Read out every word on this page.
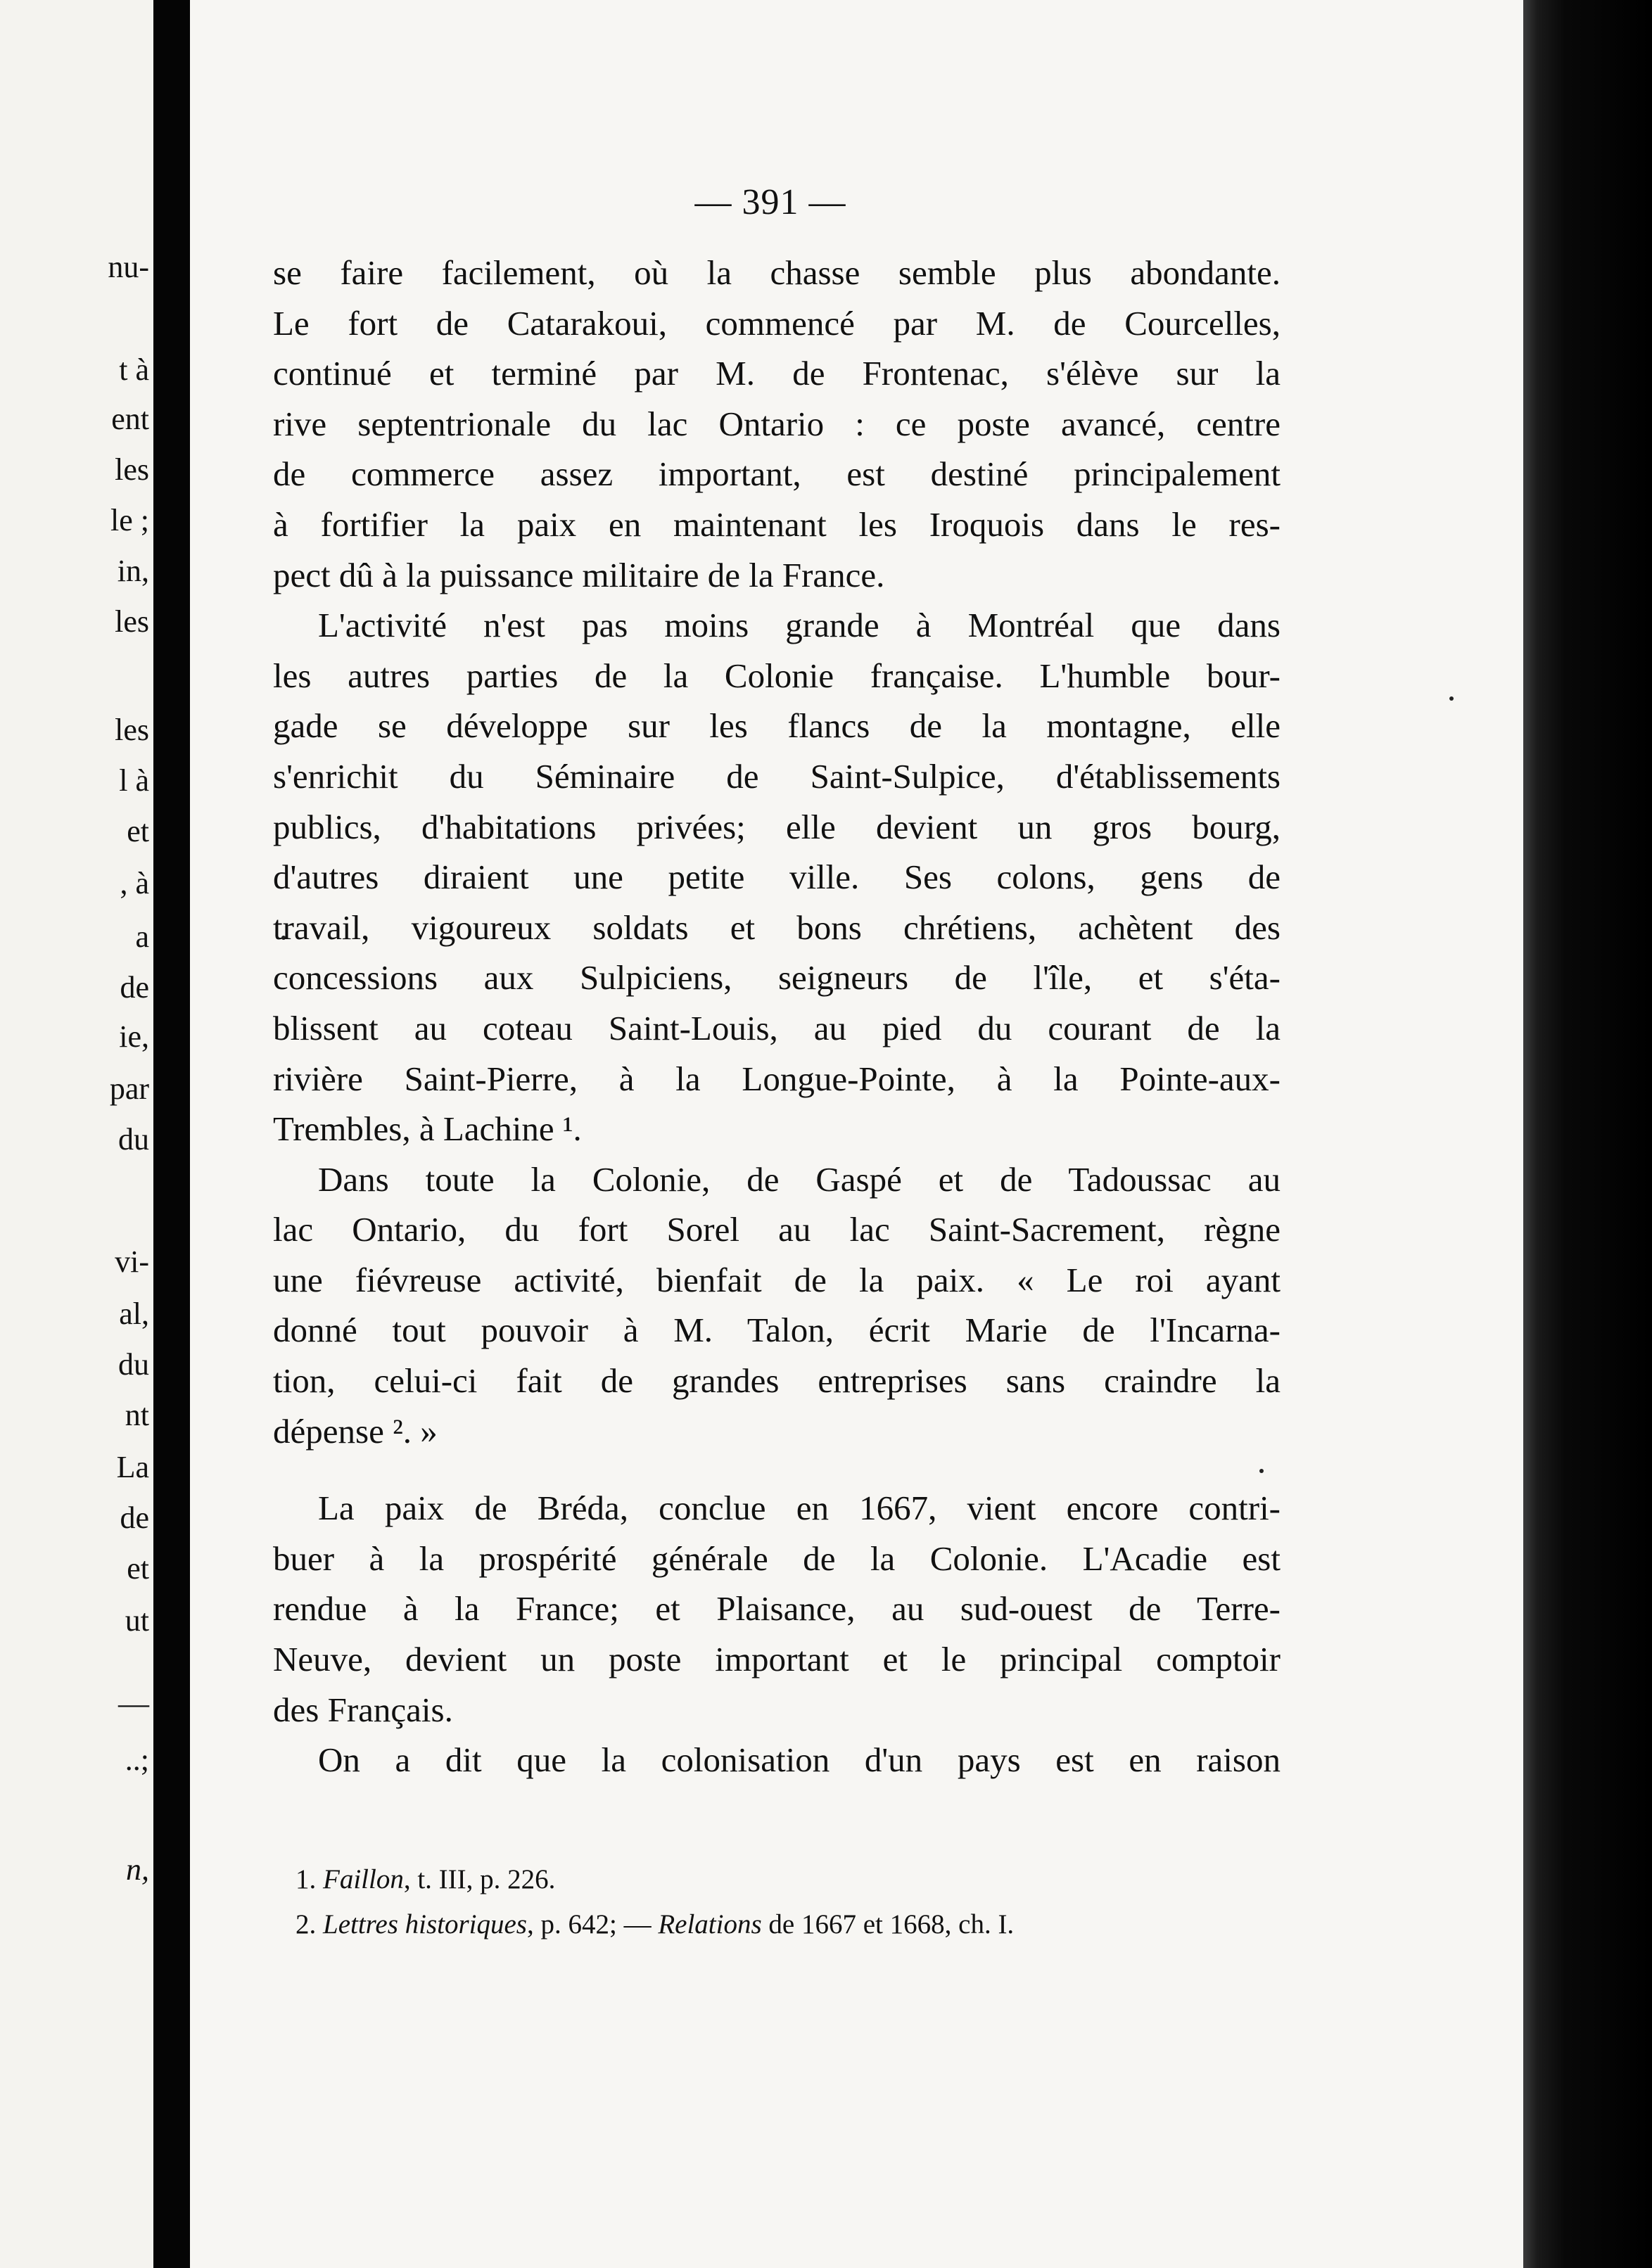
nu-
t à
ent
les
le ;
in,
les
les
l à
et
, à
a
de
ie,
par
du
vi-
al,
du
nt
La
de
et
ut
—
..;
n,
— 391 —

se faire facilement, où la chasse semble plus abondante.
Le fort de Catarakoui, commencé par M. de Courcelles,
continué et terminé par M. de Frontenac, s'élève sur la
rive septentrionale du lac Ontario : ce poste avancé, centre
de commerce assez important, est destiné principalement
à fortifier la paix en maintenant les Iroquois dans le res-
pect dû à la puissance militaire de la France.

L'activité n'est pas moins grande à Montréal que dans
les autres parties de la Colonie française. L'humble bour-
gade se développe sur les flancs de la montagne, elle
s'enrichit du Séminaire de Saint-Sulpice, d'établissements
publics, d'habitations privées; elle devient un gros bourg,
d'autres diraient une petite ville. Ses colons, gens de
travail, vigoureux soldats et bons chrétiens, achètent des
concessions aux Sulpiciens, seigneurs de l'île, et s'éta-
blissent au coteau Saint-Louis, au pied du courant de la
rivière Saint-Pierre, à la Longue-Pointe, à la Pointe-aux-
Trembles, à Lachine ¹.

Dans toute la Colonie, de Gaspé et de Tadoussac au
lac Ontario, du fort Sorel au lac Saint-Sacrement, règne
une fiévreuse activité, bienfait de la paix. « Le roi ayant
donné tout pouvoir à M. Talon, écrit Marie de l'Incarna-
tion, celui-ci fait de grandes entreprises sans craindre la
dépense ². »

La paix de Bréda, conclue en 1667, vient encore contri-
buer à la prospérité générale de la Colonie. L'Acadie est
rendue à la France; et Plaisance, au sud-ouest de Terre-
Neuve, devient un poste important et le principal comptoir
des Français.

On a dit que la colonisation d'un pays est en raison

1. Faillon, t. III, p. 226.
2. Lettres historiques, p. 642; — Relations de 1667 et 1668, ch. I.
